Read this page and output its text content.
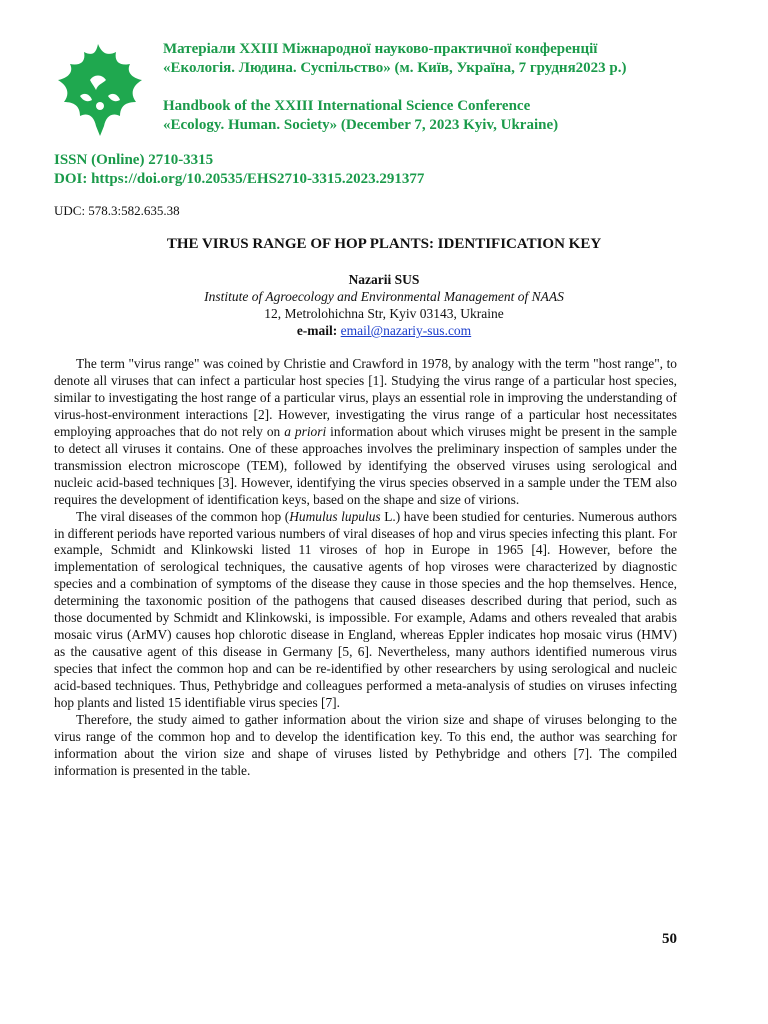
Матеріали XXIII Міжнародної науково-практичної конференції

«Екологія. Людина. Суспільство» (м. Київ, Україна, 7 грудня2023 р.)

Handbook of the XXIII International Science Conference

«Ecology. Human. Society» (December 7, 2023 Kyiv, Ukraine)

ISSN (Online) 2710-3315

DOI: https://doi.org/10.20535/EHS2710-3315.2023.291377

UDC: 578.3:582.635.38
THE VIRUS RANGE OF HOP PLANTS: IDENTIFICATION KEY
Nazarii SUS
Institute of Agroecology and Environmental Management of NAAS
12, Metrolohichna Str, Kyiv 03143, Ukraine
e-mail: email@nazariy-sus.com

The term "virus range" was coined by Christie and Crawford in 1978, by analogy with the term "host range", to denote all viruses that can infect a particular host species [1]. Studying the virus range of a particular host species, similar to investigating the host range of a particular virus, plays an essential role in improving the understanding of virus-host-environment interactions [2]. However, investigating the virus range of a particular host necessitates employing approaches that do not rely on a priori information about which viruses might be present in the sample to detect all viruses it contains. One of these approaches involves the preliminary inspection of samples under the transmission electron microscope (TEM), followed by identifying the observed viruses using serological and nucleic acid-based techniques [3]. However, identifying the virus species observed in a sample under the TEM also requires the development of identification keys, based on the shape and size of virions.

The viral diseases of the common hop (Humulus lupulus L.) have been studied for centuries. Numerous authors in different periods have reported various numbers of viral diseases of hop and virus species infecting this plant. For example, Schmidt and Klinkowski listed 11 viroses of hop in Europe in 1965 [4]. However, before the implementation of serological techniques, the causative agents of hop viroses were characterized by diagnostic species and a combination of symptoms of the disease they cause in those species and the hop themselves. Hence, determining the taxonomic position of the pathogens that caused diseases described during that period, such as those documented by Schmidt and Klinkowski, is impossible. For example, Adams and others revealed that arabis mosaic virus (ArMV) causes hop chlorotic disease in England, whereas Eppler indicates hop mosaic virus (HMV) as the causative agent of this disease in Germany [5, 6]. Nevertheless, many authors identified numerous virus species that infect the common hop and can be re-identified by other researchers by using serological and nucleic acid-based techniques. Thus, Pethybridge and colleagues performed a meta-analysis of studies on viruses infecting hop plants and listed 15 identifiable virus species [7].

Therefore, the study aimed to gather information about the virion size and shape of viruses belonging to the virus range of the common hop and to develop the identification key. To this end, the author was searching for information about the virion size and shape of viruses listed by Pethybridge and others [7]. The compiled information is presented in the table.

50
